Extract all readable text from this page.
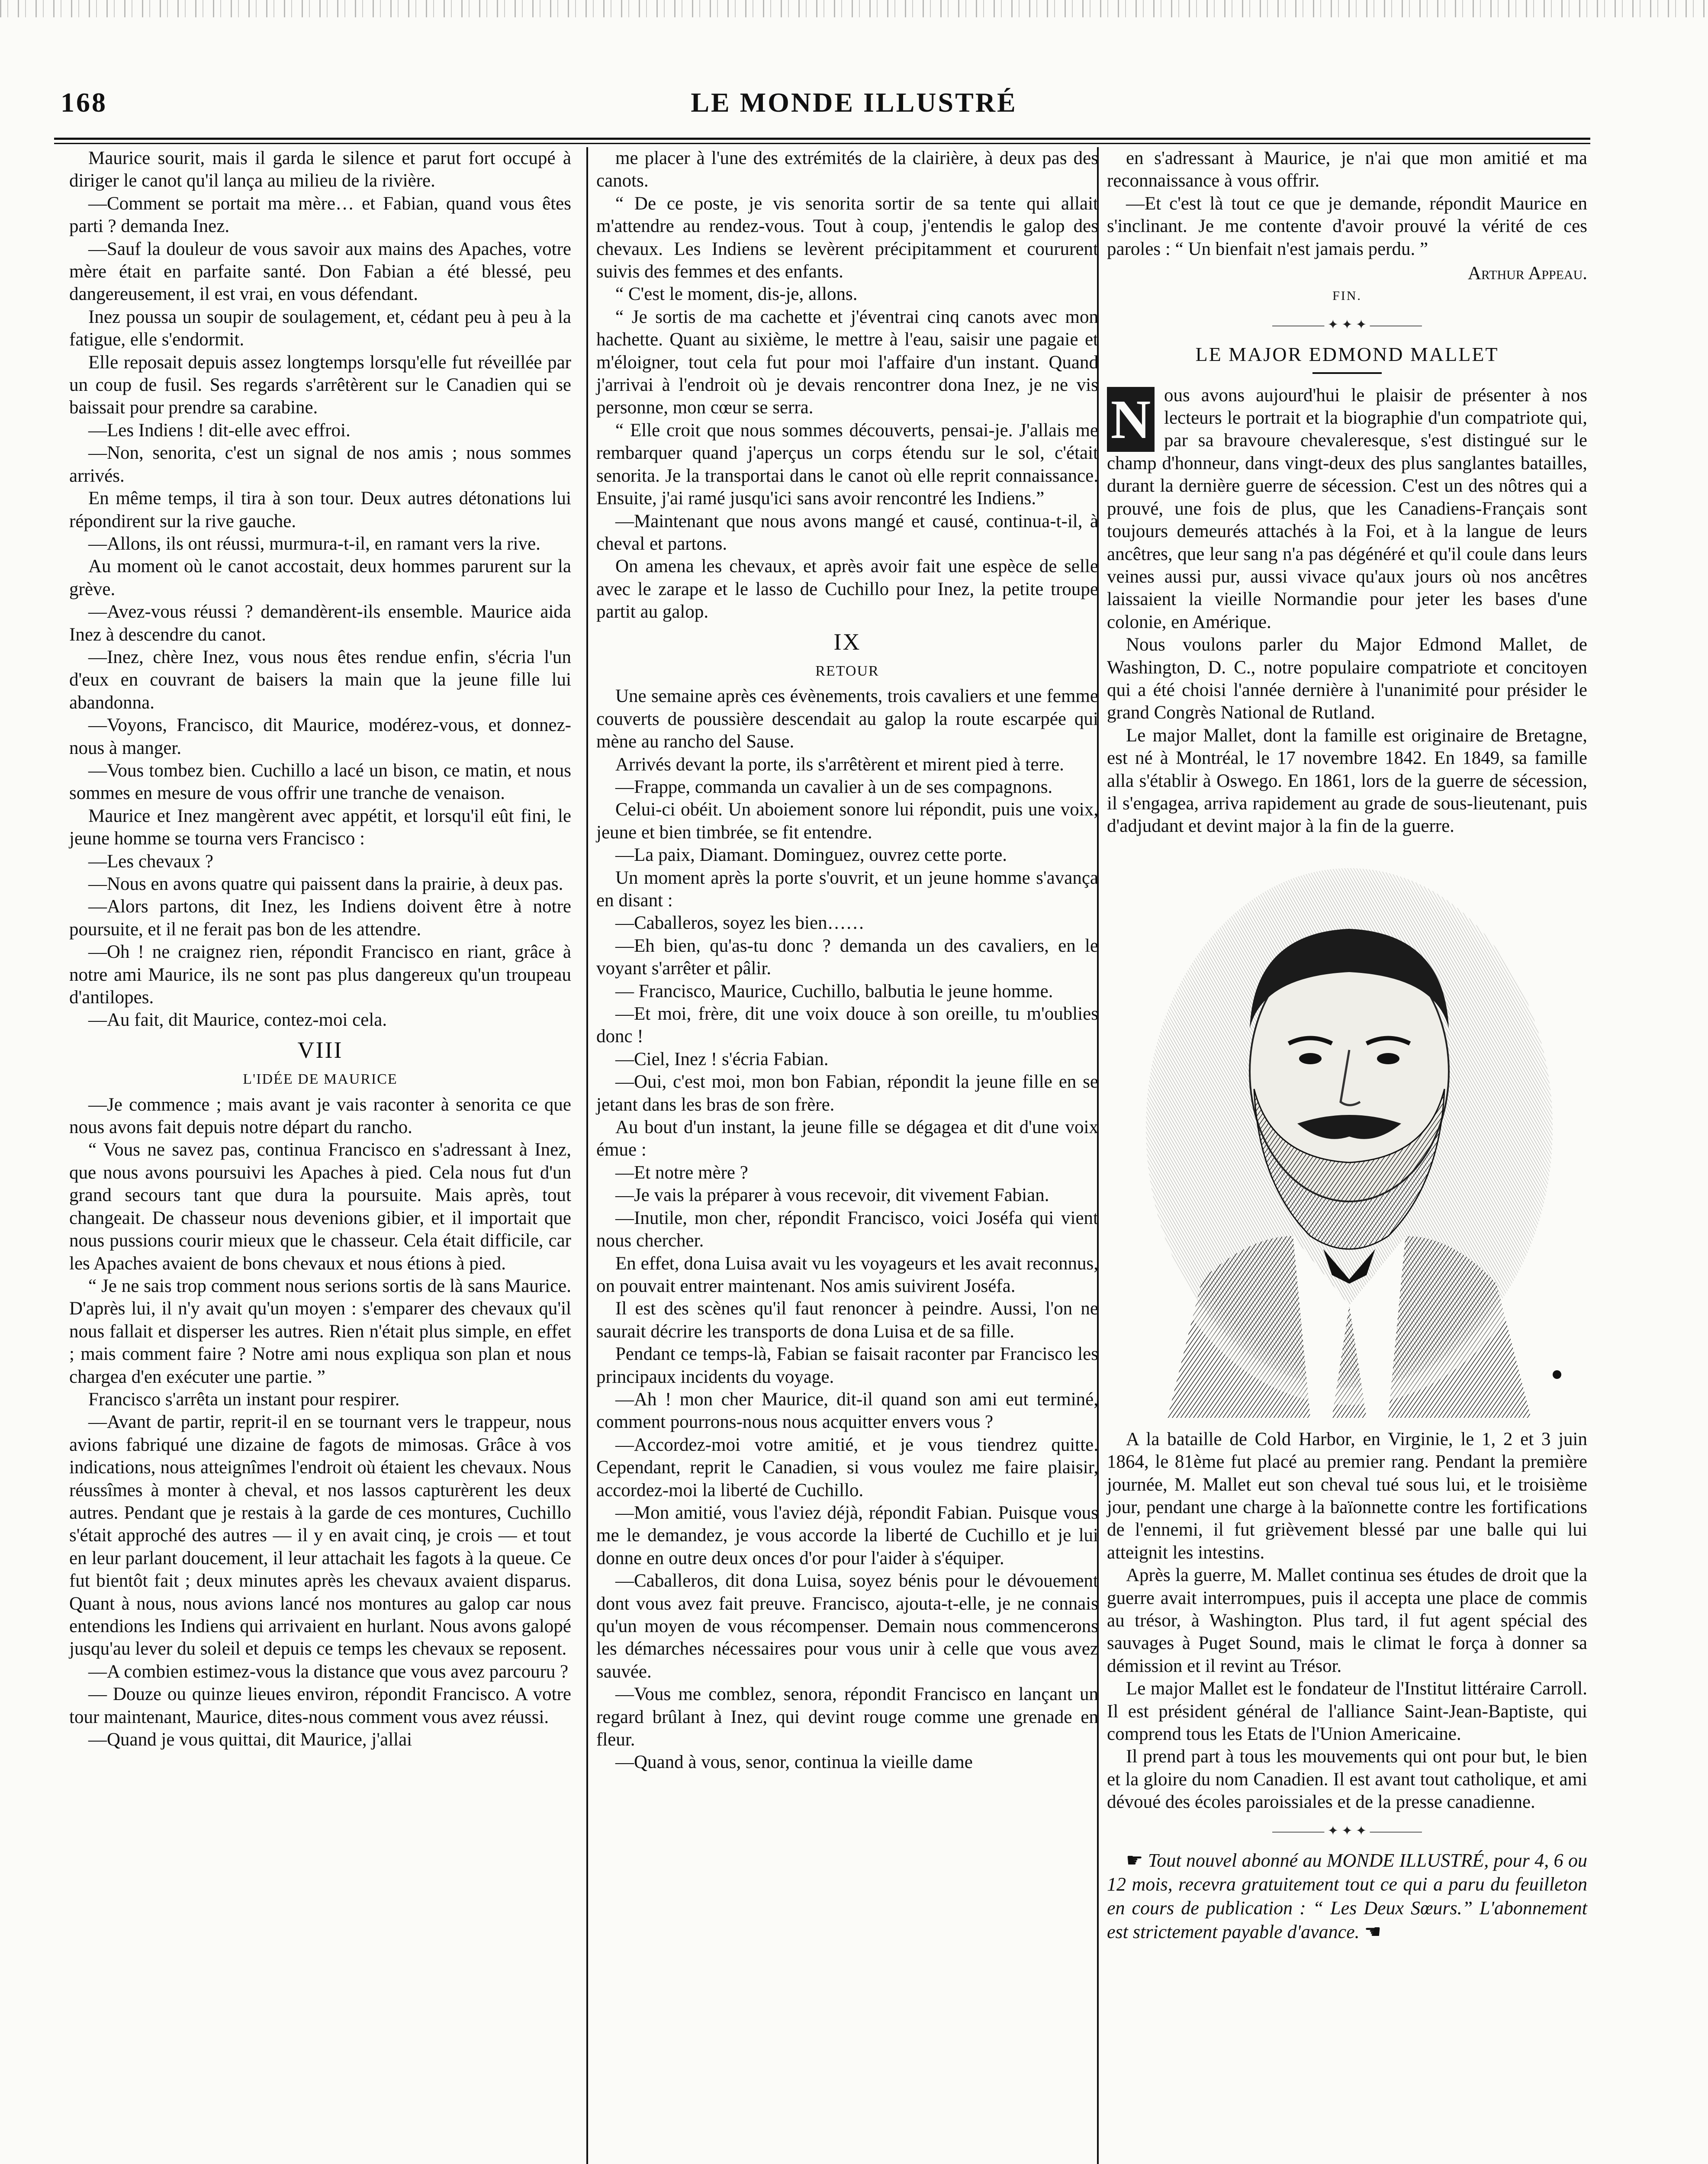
168	LE MONDE ILLUSTRÉ

Maurice sourit, mais il garda le silence et parut fort occupé à diriger le canot qu'il lança au milieu de la rivière.

—Comment se portait ma mère… et Fabian, quand vous êtes parti ? demanda Inez.

—Sauf la douleur de vous savoir aux mains des Apaches, votre mère était en parfaite santé. Don Fabian a été blessé, peu dangereusement, il est vrai, en vous défendant.

Inez poussa un soupir de soulagement, et, cédant peu à peu à la fatigue, elle s'endormit.

Elle reposait depuis assez longtemps lorsqu'elle fut réveillée par un coup de fusil. Ses regards s'arrêtèrent sur le Canadien qui se baissait pour prendre sa carabine.

—Les Indiens ! dit-elle avec effroi.

—Non, senorita, c'est un signal de nos amis ; nous sommes arrivés.

En même temps, il tira à son tour. Deux autres détonations lui répondirent sur la rive gauche.

—Allons, ils ont réussi, murmura-t-il, en ramant vers la rive.

Au moment où le canot accostait, deux hommes parurent sur la grève.

—Avez-vous réussi ? demandèrent-ils ensemble. Maurice aida Inez à descendre du canot.

—Inez, chère Inez, vous nous êtes rendue enfin, s'écria l'un d'eux en couvrant de baisers la main que la jeune fille lui abandonna.

—Voyons, Francisco, dit Maurice, modérez-vous, et donnez-nous à manger.

—Vous tombez bien. Cuchillo a lacé un bison, ce matin, et nous sommes en mesure de vous offrir une tranche de venaison.

Maurice et Inez mangèrent avec appétit, et lorsqu'il eût fini, le jeune homme se tourna vers Francisco :

—Les chevaux ?

—Nous en avons quatre qui paissent dans la prairie, à deux pas.

—Alors partons, dit Inez, les Indiens doivent être à notre poursuite, et il ne ferait pas bon de les attendre.

—Oh ! ne craignez rien, répondit Francisco en riant, grâce à notre ami Maurice, ils ne sont pas plus dangereux qu'un troupeau d'antilopes.

—Au fait, dit Maurice, contez-moi cela.

VIII
L'IDÉE DE MAURICE

—Je commence ; mais avant je vais raconter à senorita ce que nous avons fait depuis notre départ du rancho.

“ Vous ne savez pas, continua Francisco en s'adressant à Inez, que nous avons poursuivi les Apaches à pied. Cela nous fut d'un grand secours tant que dura la poursuite. Mais après, tout changeait. De chasseur nous devenions gibier, et il importait que nous pussions courir mieux que le chasseur. Cela était difficile, car les Apaches avaient de bons chevaux et nous étions à pied.

“ Je ne sais trop comment nous serions sortis de là sans Maurice. D'après lui, il n'y avait qu'un moyen : s'emparer des chevaux qu'il nous fallait et disperser les autres. Rien n'était plus simple, en effet ; mais comment faire ? Notre ami nous expliqua son plan et nous chargea d'en exécuter une partie. ”

Francisco s'arrêta un instant pour respirer.

—Avant de partir, reprit-il en se tournant vers le trappeur, nous avions fabriqué une dizaine de fagots de mimosas. Grâce à vos indications, nous atteignîmes l'endroit où étaient les chevaux. Nous réussîmes à monter à cheval, et nos lassos capturèrent les deux autres. Pendant que je restais à la garde de ces montures, Cuchillo s'était approché des autres — il y en avait cinq, je crois — et tout en leur parlant doucement, il leur attachait les fagots à la queue. Ce fut bientôt fait ; deux minutes après les chevaux avaient disparus. Quant à nous, nous avions lancé nos montures au galop car nous entendions les Indiens qui arrivaient en hurlant. Nous avons galopé jusqu'au lever du soleil et depuis ce temps les chevaux se reposent.

—A combien estimez-vous la distance que vous avez parcouru ?

— Douze ou quinze lieues environ, répondit Francisco. A votre tour maintenant, Maurice, dites-nous comment vous avez réussi.

—Quand je vous quittai, dit Maurice, j'allai

me placer à l'une des extrémités de la clairière, à deux pas des canots.

“ De ce poste, je vis senorita sortir de sa tente qui allait m'attendre au rendez-vous. Tout à coup, j'entendis le galop des chevaux. Les Indiens se levèrent précipitamment et coururent suivis des femmes et des enfants.

“ C'est le moment, dis-je, allons.

“ Je sortis de ma cachette et j'éventrai cinq canots avec mon hachette. Quant au sixième, le mettre à l'eau, saisir une pagaie et m'éloigner, tout cela fut pour moi l'affaire d'un instant. Quand j'arrivai à l'endroit où je devais rencontrer dona Inez, je ne vis personne, mon cœur se serra.

“ Elle croit que nous sommes découverts, pensai-je. J'allais me rembarquer quand j'aperçus un corps étendu sur le sol, c'était senorita. Je la transportai dans le canot où elle reprit connaissance. Ensuite, j'ai ramé jusqu'ici sans avoir rencontré les Indiens.”

—Maintenant que nous avons mangé et causé, continua-t-il, à cheval et partons.

On amena les chevaux, et après avoir fait une espèce de selle avec le zarape et le lasso de Cuchillo pour Inez, la petite troupe partit au galop.

IX
RETOUR

Une semaine après ces évènements, trois cavaliers et une femme couverts de poussière descendait au galop la route escarpée qui mène au rancho del Sause.

Arrivés devant la porte, ils s'arrêtèrent et mirent pied à terre.

—Frappe, commanda un cavalier à un de ses compagnons.

Celui-ci obéit. Un aboiement sonore lui répondit, puis une voix, jeune et bien timbrée, se fit entendre.

—La paix, Diamant. Dominguez, ouvrez cette porte.

Un moment après la porte s'ouvrit, et un jeune homme s'avança en disant :

—Caballeros, soyez les bien……

—Eh bien, qu'as-tu donc ? demanda un des cavaliers, en le voyant s'arrêter et pâlir.

— Francisco, Maurice, Cuchillo, balbutia le jeune homme.

—Et moi, frère, dit une voix douce à son oreille, tu m'oublies donc !

—Ciel, Inez ! s'écria Fabian.

—Oui, c'est moi, mon bon Fabian, répondit la jeune fille en se jetant dans les bras de son frère.

Au bout d'un instant, la jeune fille se dégagea et dit d'une voix émue :

—Et notre mère ?

—Je vais la préparer à vous recevoir, dit vivement Fabian.

—Inutile, mon cher, répondit Francisco, voici Joséfa qui vient nous chercher.

En effet, dona Luisa avait vu les voyageurs et les avait reconnus, on pouvait entrer maintenant. Nos amis suivirent Joséfa.

Il est des scènes qu'il faut renoncer à peindre. Aussi, l'on ne saurait décrire les transports de dona Luisa et de sa fille.

Pendant ce temps-là, Fabian se faisait raconter par Francisco les principaux incidents du voyage.

—Ah ! mon cher Maurice, dit-il quand son ami eut terminé, comment pourrons-nous nous acquitter envers vous ?

—Accordez-moi votre amitié, et je vous tiendrez quitte. Cependant, reprit le Canadien, si vous voulez me faire plaisir, accordez-moi la liberté de Cuchillo.

—Mon amitié, vous l'aviez déjà, répondit Fabian. Puisque vous me le demandez, je vous accorde la liberté de Cuchillo et je lui donne en outre deux onces d'or pour l'aider à s'équiper.

—Caballeros, dit dona Luisa, soyez bénis pour le dévouement dont vous avez fait preuve. Francisco, ajouta-t-elle, je ne connais qu'un moyen de vous récompenser. Demain nous commencerons les démarches nécessaires pour vous unir à celle que vous avez sauvée.

—Vous me comblez, senora, répondit Francisco en lançant un regard brûlant à Inez, qui devint rouge comme une grenade en fleur.

—Quand à vous, senor, continua la vieille dame

en s'adressant à Maurice, je n'ai que mon amitié et ma reconnaissance à vous offrir.

—Et c'est là tout ce que je demande, répondit Maurice en s'inclinant. Je me contente d'avoir prouvé la vérité de ces paroles : “ Un bienfait n'est jamais perdu. ”

Arthur Appeau.
FIN.
———— ✦ ✦ ✦ ————
LE MAJOR EDMOND MALLET

N ous avons aujourd'hui le plaisir de présenter à nos lecteurs le portrait et la biographie d'un compatriote qui, par sa bravoure chevaleresque, s'est distingué sur le champ d'honneur, dans vingt-deux des plus sanglantes batailles, durant la dernière guerre de sécession. C'est un des nôtres qui a prouvé, une fois de plus, que les Canadiens-Français sont toujours demeurés attachés à la Foi, et à la langue de leurs ancêtres, que leur sang n'a pas dégénéré et qu'il coule dans leurs veines aussi pur, aussi vivace qu'aux jours où nos ancêtres laissaient la vieille Normandie pour jeter les bases d'une colonie, en Amérique.

Nous voulons parler du Major Edmond Mallet, de Washington, D. C., notre populaire compatriote et concitoyen qui a été choisi l'année dernière à l'unanimité pour présider le grand Congrès National de Rutland.

Le major Mallet, dont la famille est originaire de Bretagne, est né à Montréal, le 17 novembre 1842. En 1849, sa famille alla s'établir à Oswego. En 1861, lors de la guerre de sécession, il s'engagea, arriva rapidement au grade de sous-lieutenant, puis d'adjudant et devint major à la fin de la guerre.

A la bataille de Cold Harbor, en Virginie, le 1, 2 et 3 juin 1864, le 81ème fut placé au premier rang. Pendant la première journée, M. Mallet eut son cheval tué sous lui, et le troisième jour, pendant une charge à la baïonnette contre les fortifications de l'ennemi, il fut grièvement blessé par une balle qui lui atteignit les intestins.

Après la guerre, M. Mallet continua ses études de droit que la guerre avait interrompues, puis il accepta une place de commis au trésor, à Washington. Plus tard, il fut agent spécial des sauvages à Puget Sound, mais le climat le força à donner sa démission et il revint au Trésor.

Le major Mallet est le fondateur de l'Institut littéraire Carroll. Il est président général de l'alliance Saint-Jean-Baptiste, qui comprend tous les Etats de l'Union Americaine.

Il prend part à tous les mouvements qui ont pour but, le bien et la gloire du nom Canadien. Il est avant tout catholique, et ami dévoué des écoles paroissiales et de la presse canadienne.

———— ✦ ✦ ✦ ————

☛ Tout nouvel abonné au MONDE ILLUSTRÉ, pour 4, 6 ou 12 mois, recevra gratuitement tout ce qui a paru du feuilleton en cours de publication : “ Les Deux Sœurs.” L'abonnement est strictement payable d'avance. ☚
